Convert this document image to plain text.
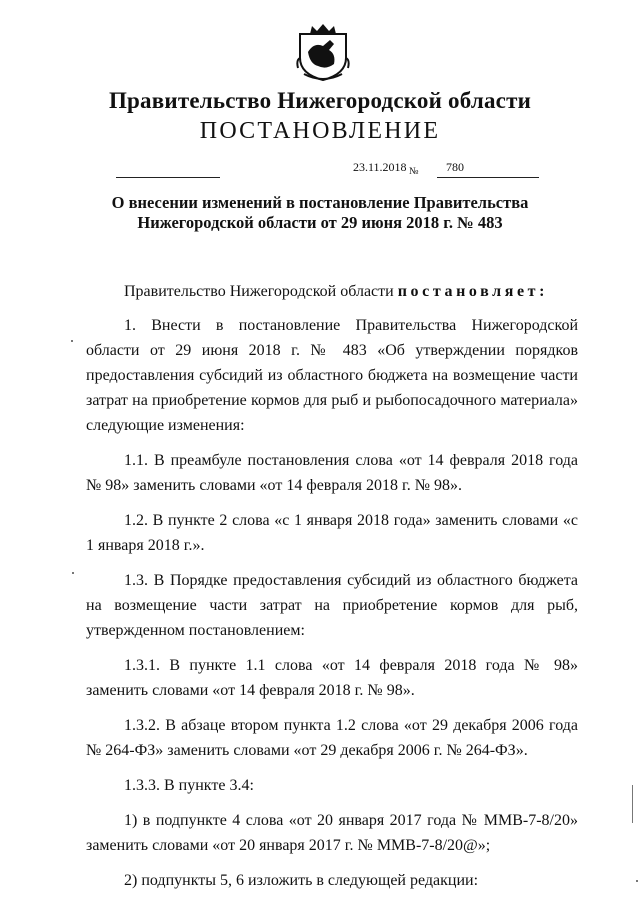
Правительство Нижегородской области
ПОСТАНОВЛЕНИЕ
23.11.2018 № 780
О внесении изменений в постановление Правительства
Нижегородской области от 29 июня 2018 г. № 483

Правительство Нижегородской области постановляет:

1. Внести в постановление Правительства Нижегородской области от 29 июня 2018 г. № 483 «Об утверждении порядков предоставления субсидий из областного бюджета на возмещение части затрат на приобретение кормов для рыб и рыбопосадочного материала» следующие изменения:

1.1. В преамбуле постановления слова «от 14 февраля 2018 года № 98» заменить словами «от 14 февраля 2018 г. № 98».

1.2. В пункте 2 слова «с 1 января 2018 года» заменить словами «с 1 января 2018 г.».

1.3. В Порядке предоставления субсидий из областного бюджета на возмещение части затрат на приобретение кормов для рыб, утвержденном постановлением:

1.3.1. В пункте 1.1 слова «от 14 февраля 2018 года № 98» заменить словами «от 14 февраля 2018 г. № 98».

1.3.2. В абзаце втором пункта 1.2 слова «от 29 декабря 2006 года № 264-ФЗ» заменить словами «от 29 декабря 2006 г. № 264-ФЗ».

1.3.3. В пункте 3.4:

1) в подпункте 4 слова «от 20 января 2017 года № ММВ-7-8/20» заменить словами «от 20 января 2017 г. № ММВ-7-8/20@»;

2) подпункты 5, 6 изложить в следующей редакции:
